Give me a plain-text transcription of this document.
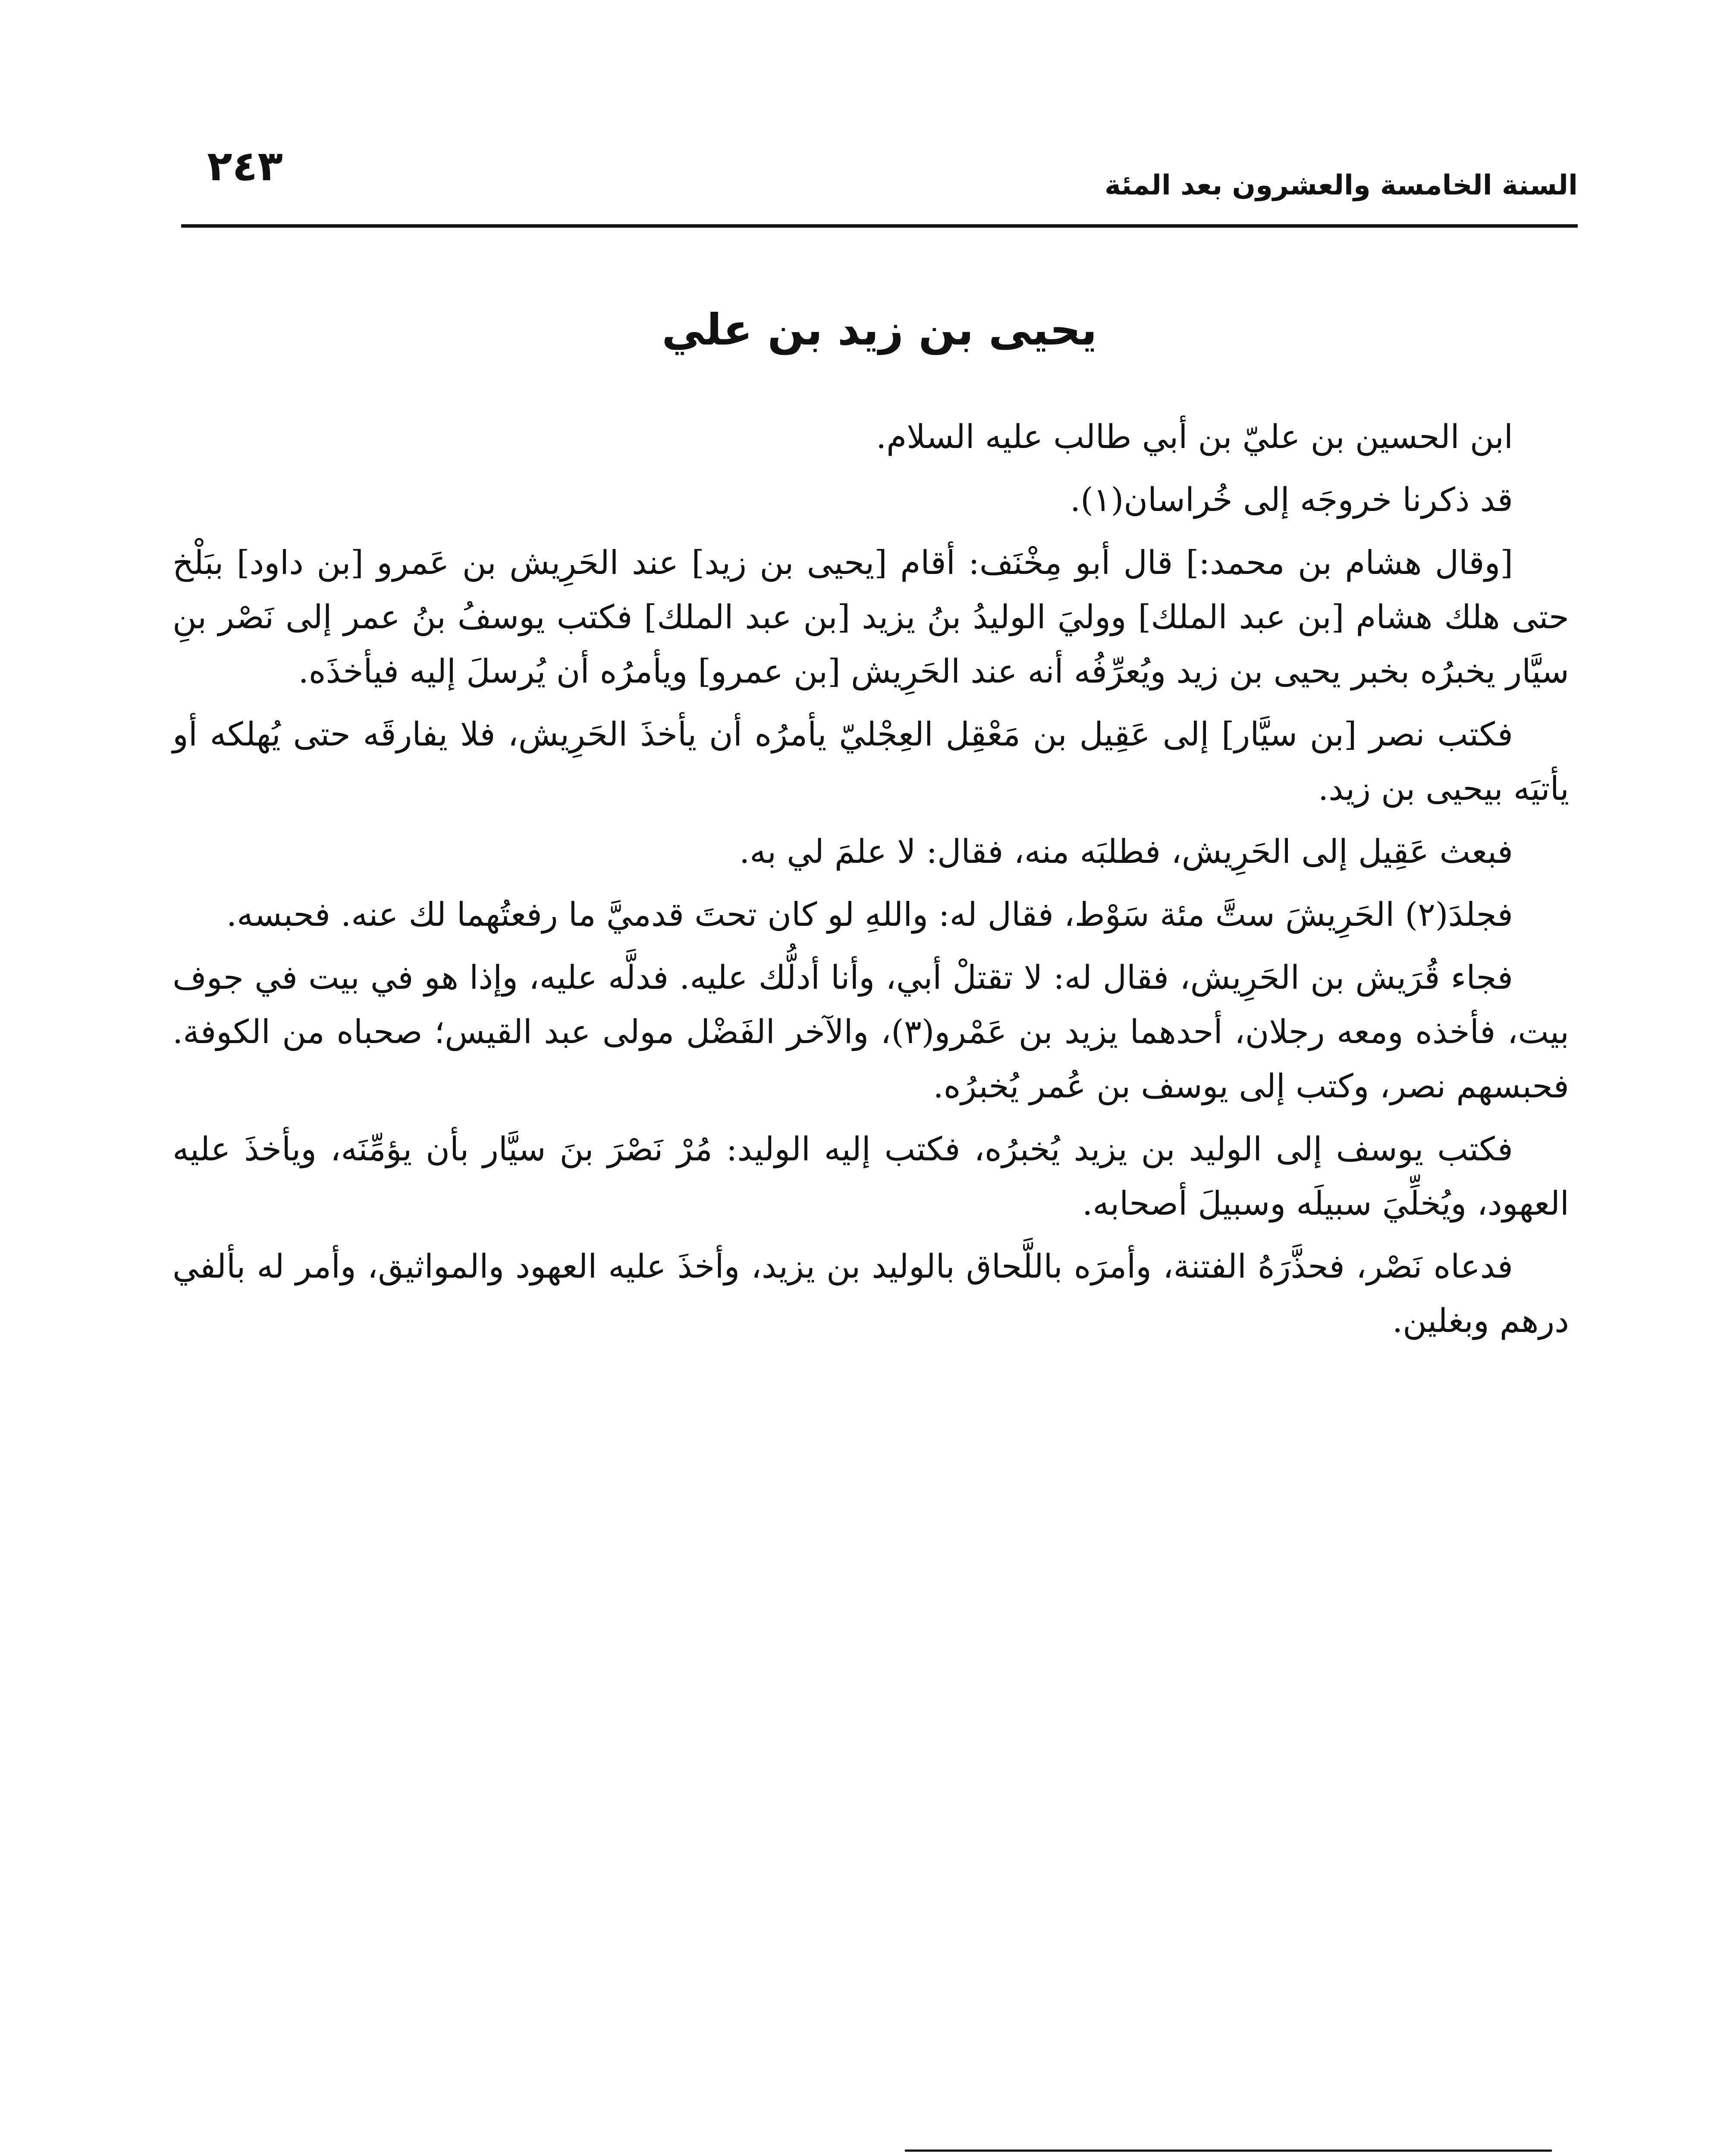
السنة الخامسة والعشرون بعد المئة
٢٤٣
يحيى بن زيد بن علي

ابن الحسين بن عليّ بن أبي طالب عليه السلام.

قد ذكرنا خروجَه إلى خُراسان(١).

[وقال هشام بن محمد:] قال أبو مِخْنَف: أقام [يحيى بن زيد] عند الحَرِيش بن عَمرو [بن داود] ببَلْخ حتى هلك هشام [بن عبد الملك] ووليَ الوليدُ بنُ يزيد [بن عبد الملك] فكتب يوسفُ بنُ عمر إلى نَصْر بنِ سيَّار يخبرُه بخبر يحيى بن زيد ويُعرِّفُه أنه عند الحَرِيش [بن عمرو] ويأمرُه أن يُرسلَ إليه فيأخذَه.

فكتب نصر [بن سيَّار] إلى عَقِيل بن مَعْقِل العِجْليّ يأمرُه أن يأخذَ الحَرِيش، فلا يفارقَه حتى يُهلكه أو يأتيَه بيحيى بن زيد.

فبعث عَقِيل إلى الحَرِيش، فطلبَه منه، فقال: لا علمَ لي به.

فجلدَ(٢) الحَرِيشَ ستَّ مئة سَوْط، فقال له: واللهِ لو كان تحتَ قدميَّ ما رفعتُهما لك عنه. فحبسه.

فجاء قُرَيش بن الحَرِيش، فقال له: لا تقتلْ أبي، وأنا أدلُّك عليه. فدلَّه عليه، وإذا هو في بيت في جوف بيت، فأخذه ومعه رجلان، أحدهما يزيد بن عَمْرو(٣)، والآخر الفَضْل مولى عبد القيس؛ صحباه من الكوفة. فحبسهم نصر، وكتب إلى يوسف بن عُمر يُخبرُه.

فكتب يوسف إلى الوليد بن يزيد يُخبرُه، فكتب إليه الوليد: مُرْ نَصْرَ بنَ سيَّار بأن يؤمِّنَه، ويأخذَ عليه العهود، ويُخلِّيَ سبيلَه وسبيلَ أصحابه.

فدعاه نَصْر، فحذَّرَهُ الفتنة، وأمرَه باللَّحاق بالوليد بن يزيد، وأخذَ عليه العهود والمواثيق، وأمر له بألفي درهم وبغلين.
